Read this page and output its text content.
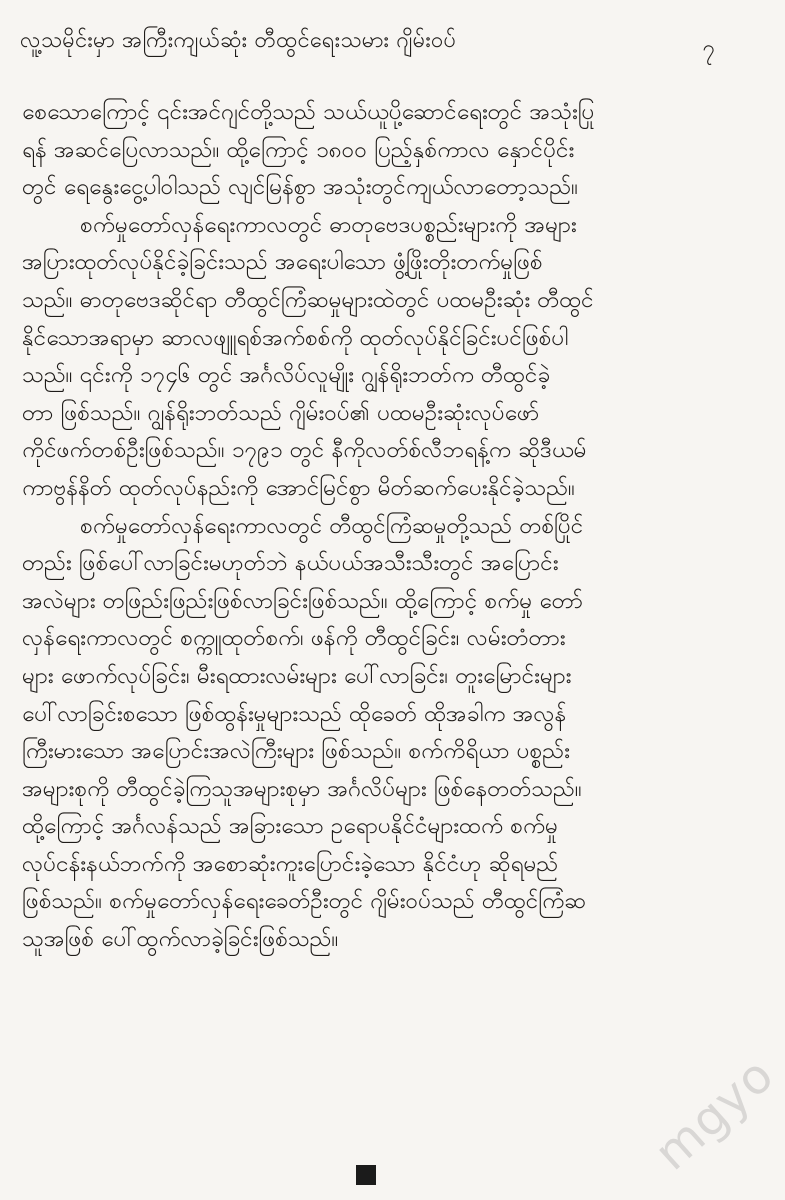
လူ့သမိုင်းမှာ အကြီးကျယ်ဆုံး တီထွင်ရေးသမား ဂျိမ်းဝပ်	၇
စေသောကြောင့် ၎င်းအင်ဂျင်တို့သည် သယ်ယူပို့ဆောင်ရေးတွင် အသုံးပြု
ရန် အဆင်ပြေလာသည်။ ထို့ကြောင့် ၁၈၀၀ ပြည့်နှစ်ကာလ နှောင်ပိုင်း
တွင် ရေနွေးငွေ့ပါဝါသည် လျင်မြန်စွာ အသုံးတွင်ကျယ်လာတော့သည်။
စက်မှုတော်လှန်ရေးကာလတွင် ဓာတုဗေဒပစ္စည်းများကို အများ
အပြားထုတ်လုပ်နိုင်ခဲ့ခြင်းသည် အရေးပါသော ဖွံ့ဖြိုးတိုးတက်မှုဖြစ်
သည်။ ဓာတုဗေဒဆိုင်ရာ တီထွင်ကြံဆမှုများထဲတွင် ပထမဦးဆုံး တီထွင်
နိုင်သောအရာမှာ ဆာလဖျူရစ်အက်စစ်ကို ထုတ်လုပ်နိုင်ခြင်းပင်ဖြစ်ပါ
သည်။ ၎င်းကို ၁၇၄၆ တွင် အင်္ဂလိပ်လူမျိုး ဂျွန်ရိုးဘတ်က တီထွင်ခဲ့
တာ ဖြစ်သည်။ ဂျွန်ရိုးဘတ်သည် ဂျိမ်းဝပ်၏ ပထမဦးဆုံးလုပ်ဖော်
ကိုင်ဖက်တစ်ဦးဖြစ်သည်။ ၁၇၉၁ တွင် နီကိုလတ်စ်လီဘရန့်က ဆိုဒီယမ်
ကာဗွန်နိတ် ထုတ်လုပ်နည်းကို အောင်မြင်စွာ မိတ်ဆက်ပေးနိုင်ခဲ့သည်။
စက်မှုတော်လှန်ရေးကာလတွင် တီထွင်ကြံဆမှုတို့သည် တစ်ပြိုင်
တည်း ဖြစ်ပေါ်လာခြင်းမဟုတ်ဘဲ နယ်ပယ်အသီးသီးတွင် အပြောင်း
အလဲများ တဖြည်းဖြည်းဖြစ်လာခြင်းဖြစ်သည်။ ထို့ကြောင့် စက်မှု တော်
လှန်ရေးကာလတွင် စက္ကူထုတ်စက်၊ ဖန်ကို တီထွင်ခြင်း၊ လမ်းတံတား
များ ဖောက်လုပ်ခြင်း၊ မီးရထားလမ်းများ ပေါ်လာခြင်း၊ တူးမြောင်းများ
ပေါ်လာခြင်းစသော ဖြစ်ထွန်းမှုများသည် ထိုခေတ် ထိုအခါက အလွန်
ကြီးမားသော အပြောင်းအလဲကြီးများ ဖြစ်သည်။ စက်ကိရိယာ ပစ္စည်း
အများစုကို တီထွင်ခဲ့ကြသူအများစုမှာ အင်္ဂလိပ်များ ဖြစ်နေတတ်သည်။
ထို့ကြောင့် အင်္ဂလန်သည် အခြားသော ဥရောပနိုင်ငံများထက် စက်မှု
လုပ်ငန်းနယ်ဘက်ကို အစောဆုံးကူးပြောင်းခဲ့သော နိုင်ငံဟု ဆိုရမည်
ဖြစ်သည်။ စက်မှုတော်လှန်ရေးခေတ်ဦးတွင် ဂျိမ်းဝပ်သည် တီထွင်ကြံဆ
သူအဖြစ် ပေါ်ထွက်လာခဲ့ခြင်းဖြစ်သည်။
mgyo
